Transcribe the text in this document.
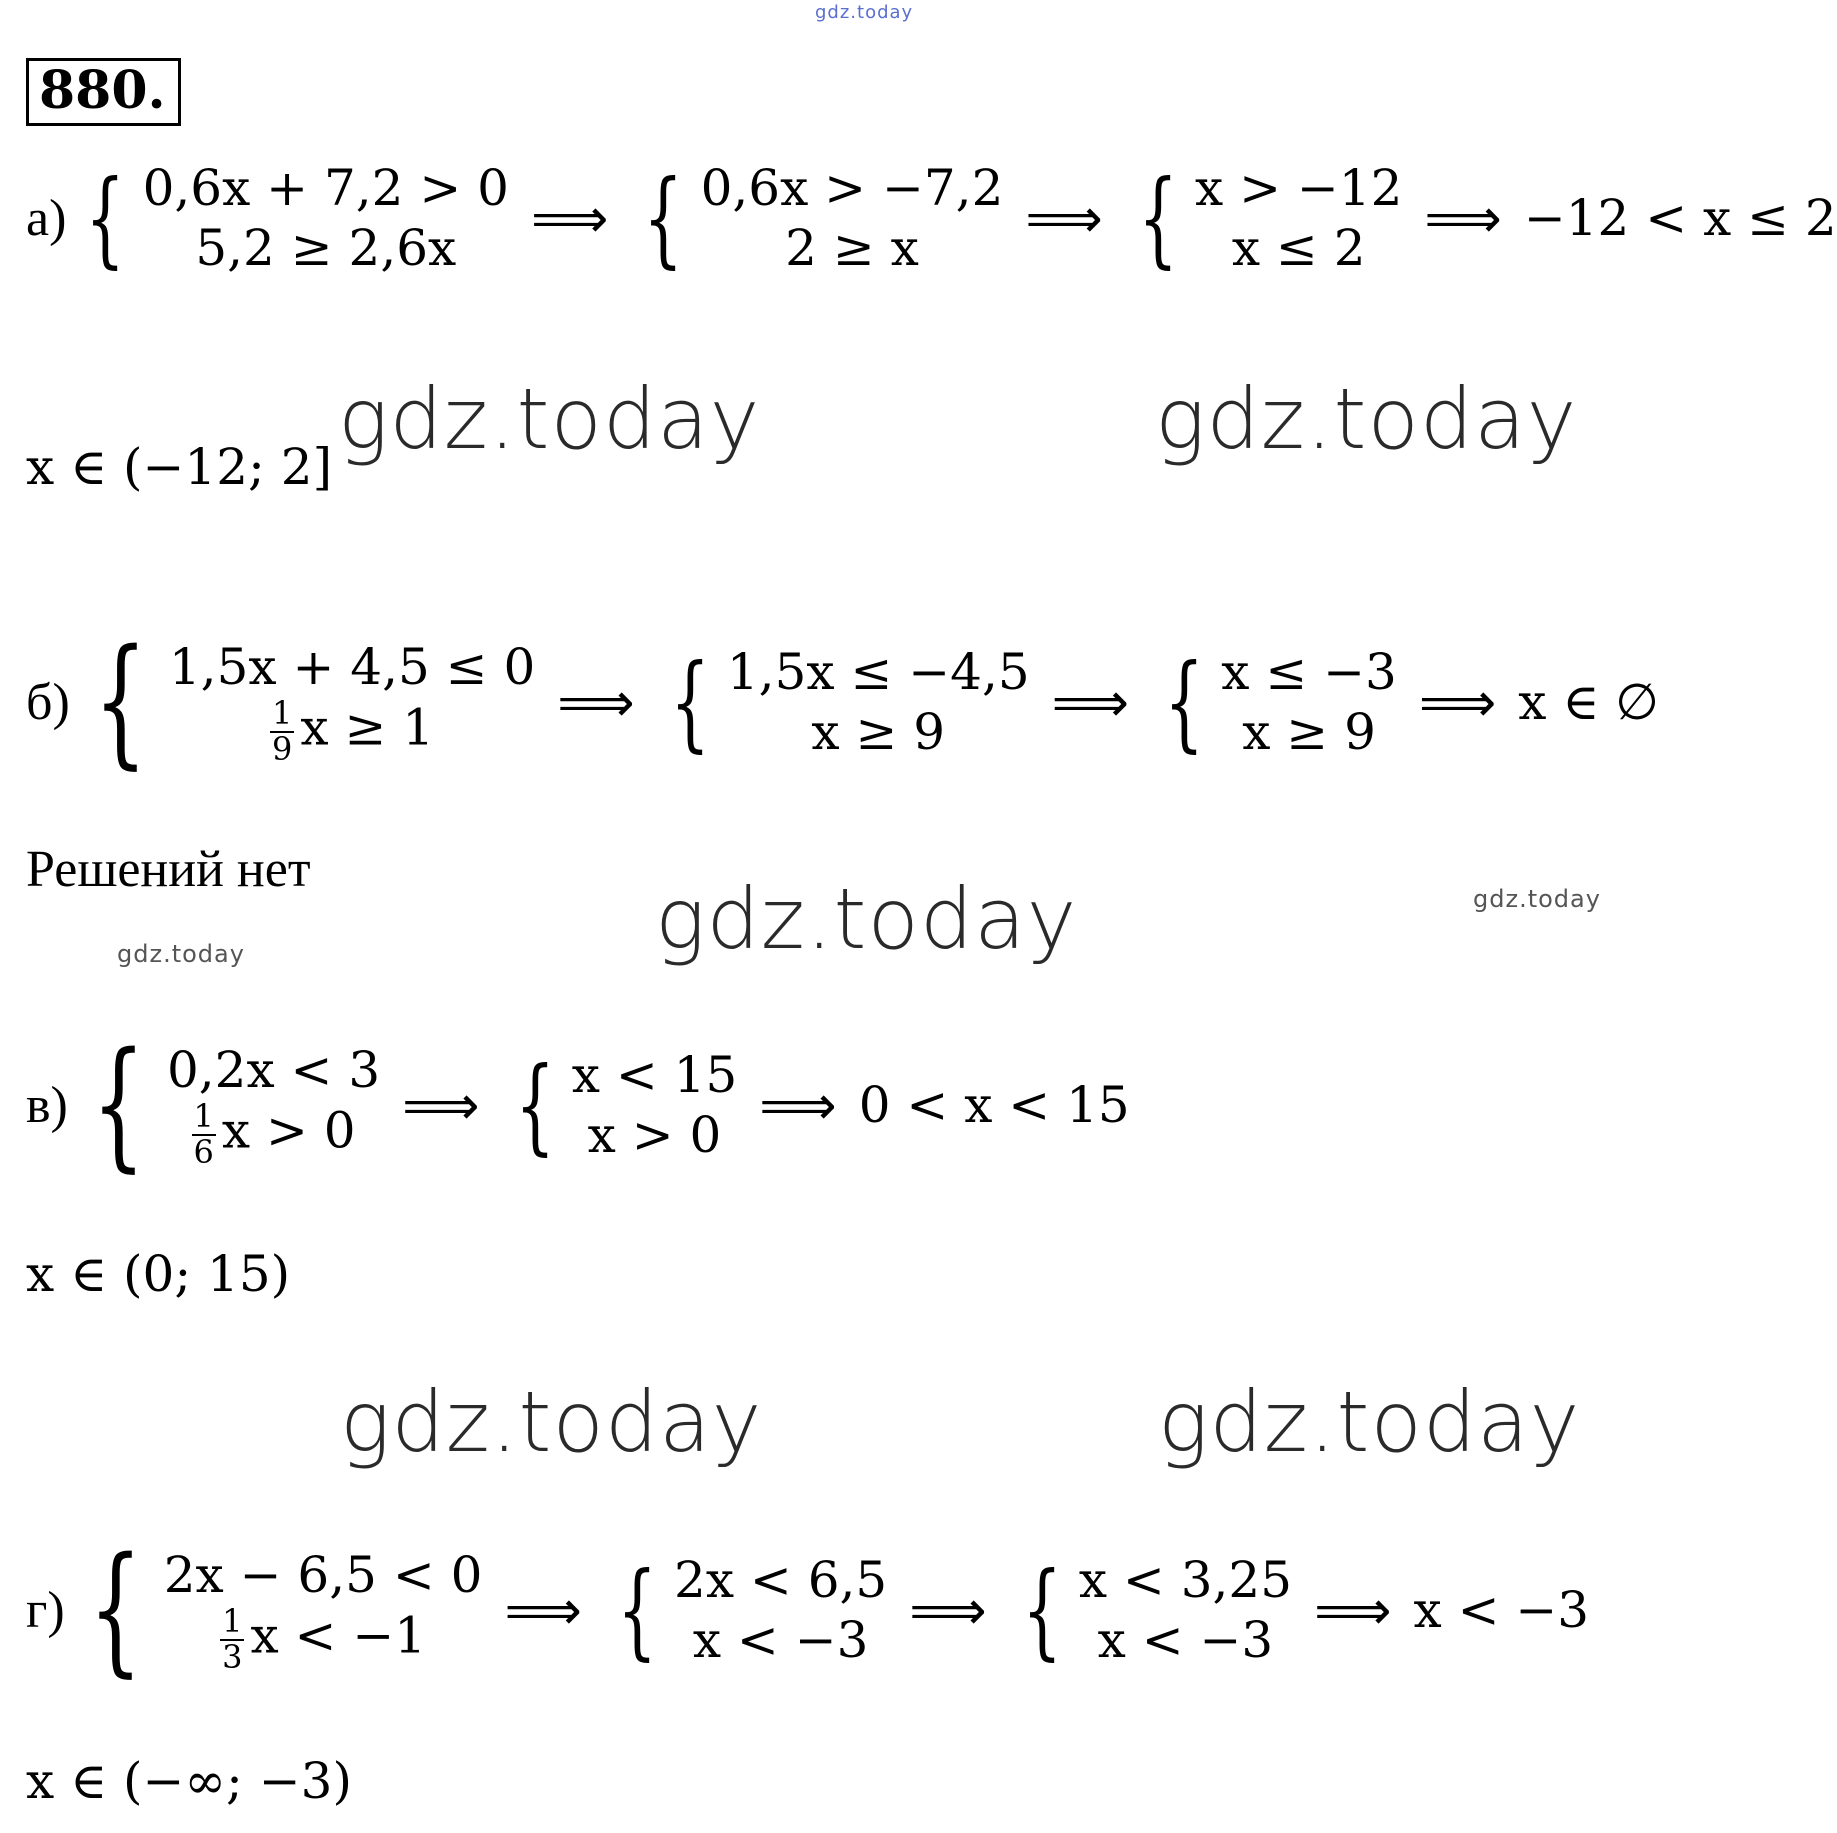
gdz.today
gdz.today	gdz.today
gdz.today
gdz.today	gdz.today
gdz.today
gdz.today
880.
а) { 0,6x + 7,2 > 0
5,2 ≥ 2,6x ⟹ { 0,6x > −7,2
2 ≥ x ⟹ { x > −12
x ≤ 2 ⟹ −12 < x ≤ 2
x ∈ (−12; 2]
б) { 1,5x + 4,5 ≤ 0
$\frac{1}{9}$ x ≥ 1 ⟹ { 1,5x ≤ −4,5
x ≥ 9 ⟹ { x ≤ −3
x ≥ 9 ⟹ x ∈ ∅
Решений нет
в) { 0,2x < 3
$\frac{1}{6}$ x > 0 ⟹ { x < 15
x > 0 ⟹ 0 < x < 15
x ∈ (0; 15)
г) { 2x − 6,5 < 0
$\frac{1}{3}$ x < −1 ⟹ { 2x < 6,5
x < −3 ⟹ { x < 3,25
x < −3 ⟹ x < −3
x ∈ (−∞; −3)
